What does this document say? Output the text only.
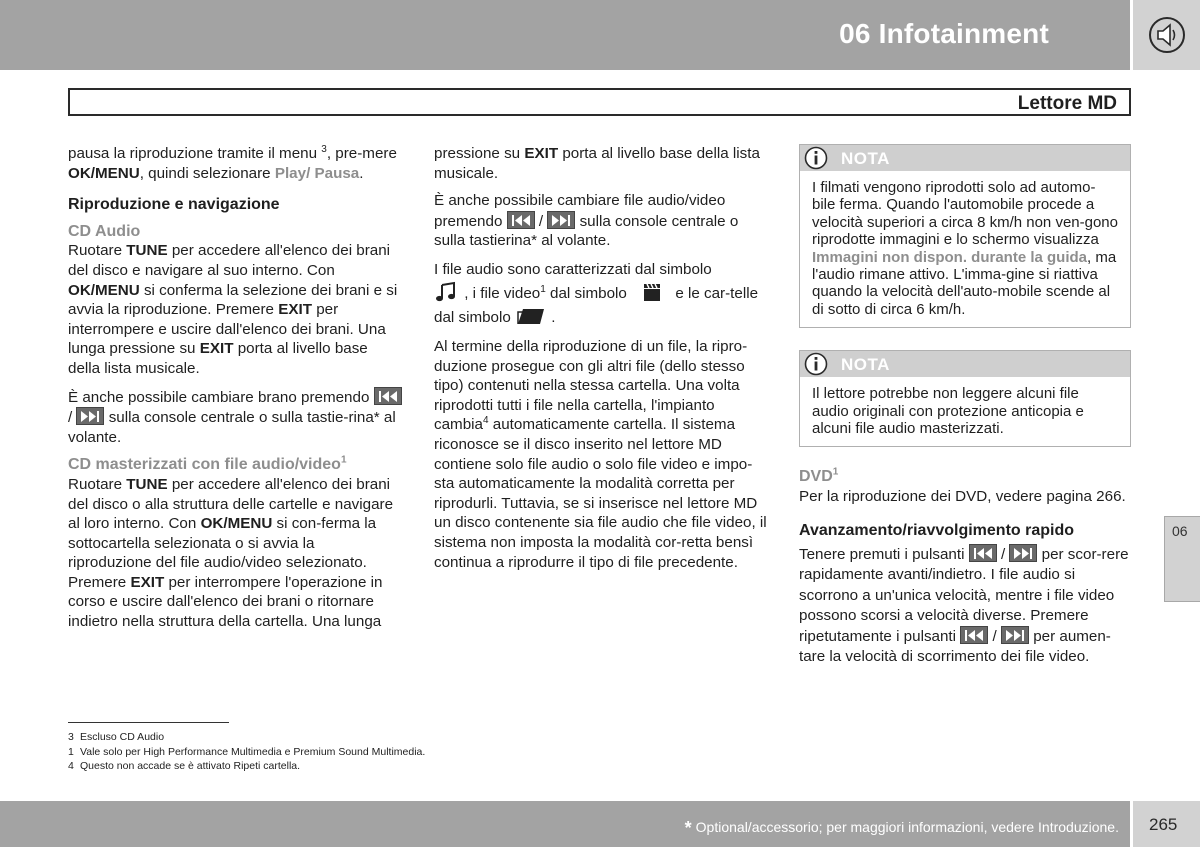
06 Infotainment
Lettore MD

pausa la riproduzione tramite il menu $^3$, pre-mere OK/MENU, quindi selezionare Play/ Pausa.

Riproduzione e navigazione
CD Audio

Ruotare TUNE per accedere all'elenco dei brani del disco e navigare al suo interno. Con OK/MENU si conferma la selezione dei brani e si avvia la riproduzione. Premere EXIT per interrompere e uscire dall'elenco dei brani. Una lunga pressione su EXIT porta al livello base della lista musicale.

È anche possibile cambiare brano premendo
/ sulla console centrale o sulla tastie-rina* al volante.

CD masterizzati con file audio/video$^1$

Ruotare TUNE per accedere all'elenco dei brani del disco o alla struttura delle cartelle e navigare al loro interno. Con OK/MENU si con-ferma la sottocartella selezionata o si avvia la riproduzione del file audio/video selezionato. Premere EXIT per interrompere l'operazione in corso e uscire dall'elenco dei brani o ritornare indietro nella struttura della cartella. Una lunga

pressione su EXIT porta al livello base della lista musicale.

È anche possibile cambiare file audio/video premendo / sulla console centrale o sulla tastierina* al volante.

I file audio sono caratterizzati dal simbolo
, i file video$^1$ dal simbolo	e le car-telle dal simbolo	.

Al termine della riproduzione di un file, la ripro-duzione prosegue con gli altri file (dello stesso tipo) contenuti nella stessa cartella. Una volta riprodotti tutti i file nella cartella, l'impianto cambia$^4$ automaticamente cartella. Il sistema riconosce se il disco inserito nel lettore MD contiene solo file audio o solo file video e impo-sta automaticamente la modalità corretta per riprodurli. Tuttavia, se si inserisce nel lettore MD un disco contenente sia file audio che file video, il sistema non imposta la modalità cor-retta bensì continua a riprodurre il tipo di file precedente.

NOTA
I filmati vengono riprodotti solo ad automo-bile ferma. Quando l'automobile procede a velocità superiori a circa 8 km/h non ven-gono riprodotte immagini e lo schermo visualizza Immagini non dispon. durante la guida, ma l'audio rimane attivo. L'imma-gine si riattiva quando la velocità dell'auto-mobile scende al di sotto di circa 6 km/h.
NOTA
Il lettore potrebbe non leggere alcuni file audio originali con protezione anticopia e alcuni file audio masterizzati.
DVD$^1$

Per la riproduzione dei DVD, vedere pagina 266.

Avanzamento/riavvolgimento rapido

Tenere premuti i pulsanti / per scor-rere rapidamente avanti/indietro. I file audio si scorrono a un'unica velocità, mentre i file video possono scorsi a velocità diverse. Premere ripetutamente i pulsanti / per aumen-tare la velocità di scorrimento dei file video.

06
3 Escluso CD Audio
1 Vale solo per High Performance Multimedia e Premium Sound Multimedia.
4 Questo non accade se è attivato Ripeti cartella.
* Optional/accessorio; per maggiori informazioni, vedere Introduzione. 265
